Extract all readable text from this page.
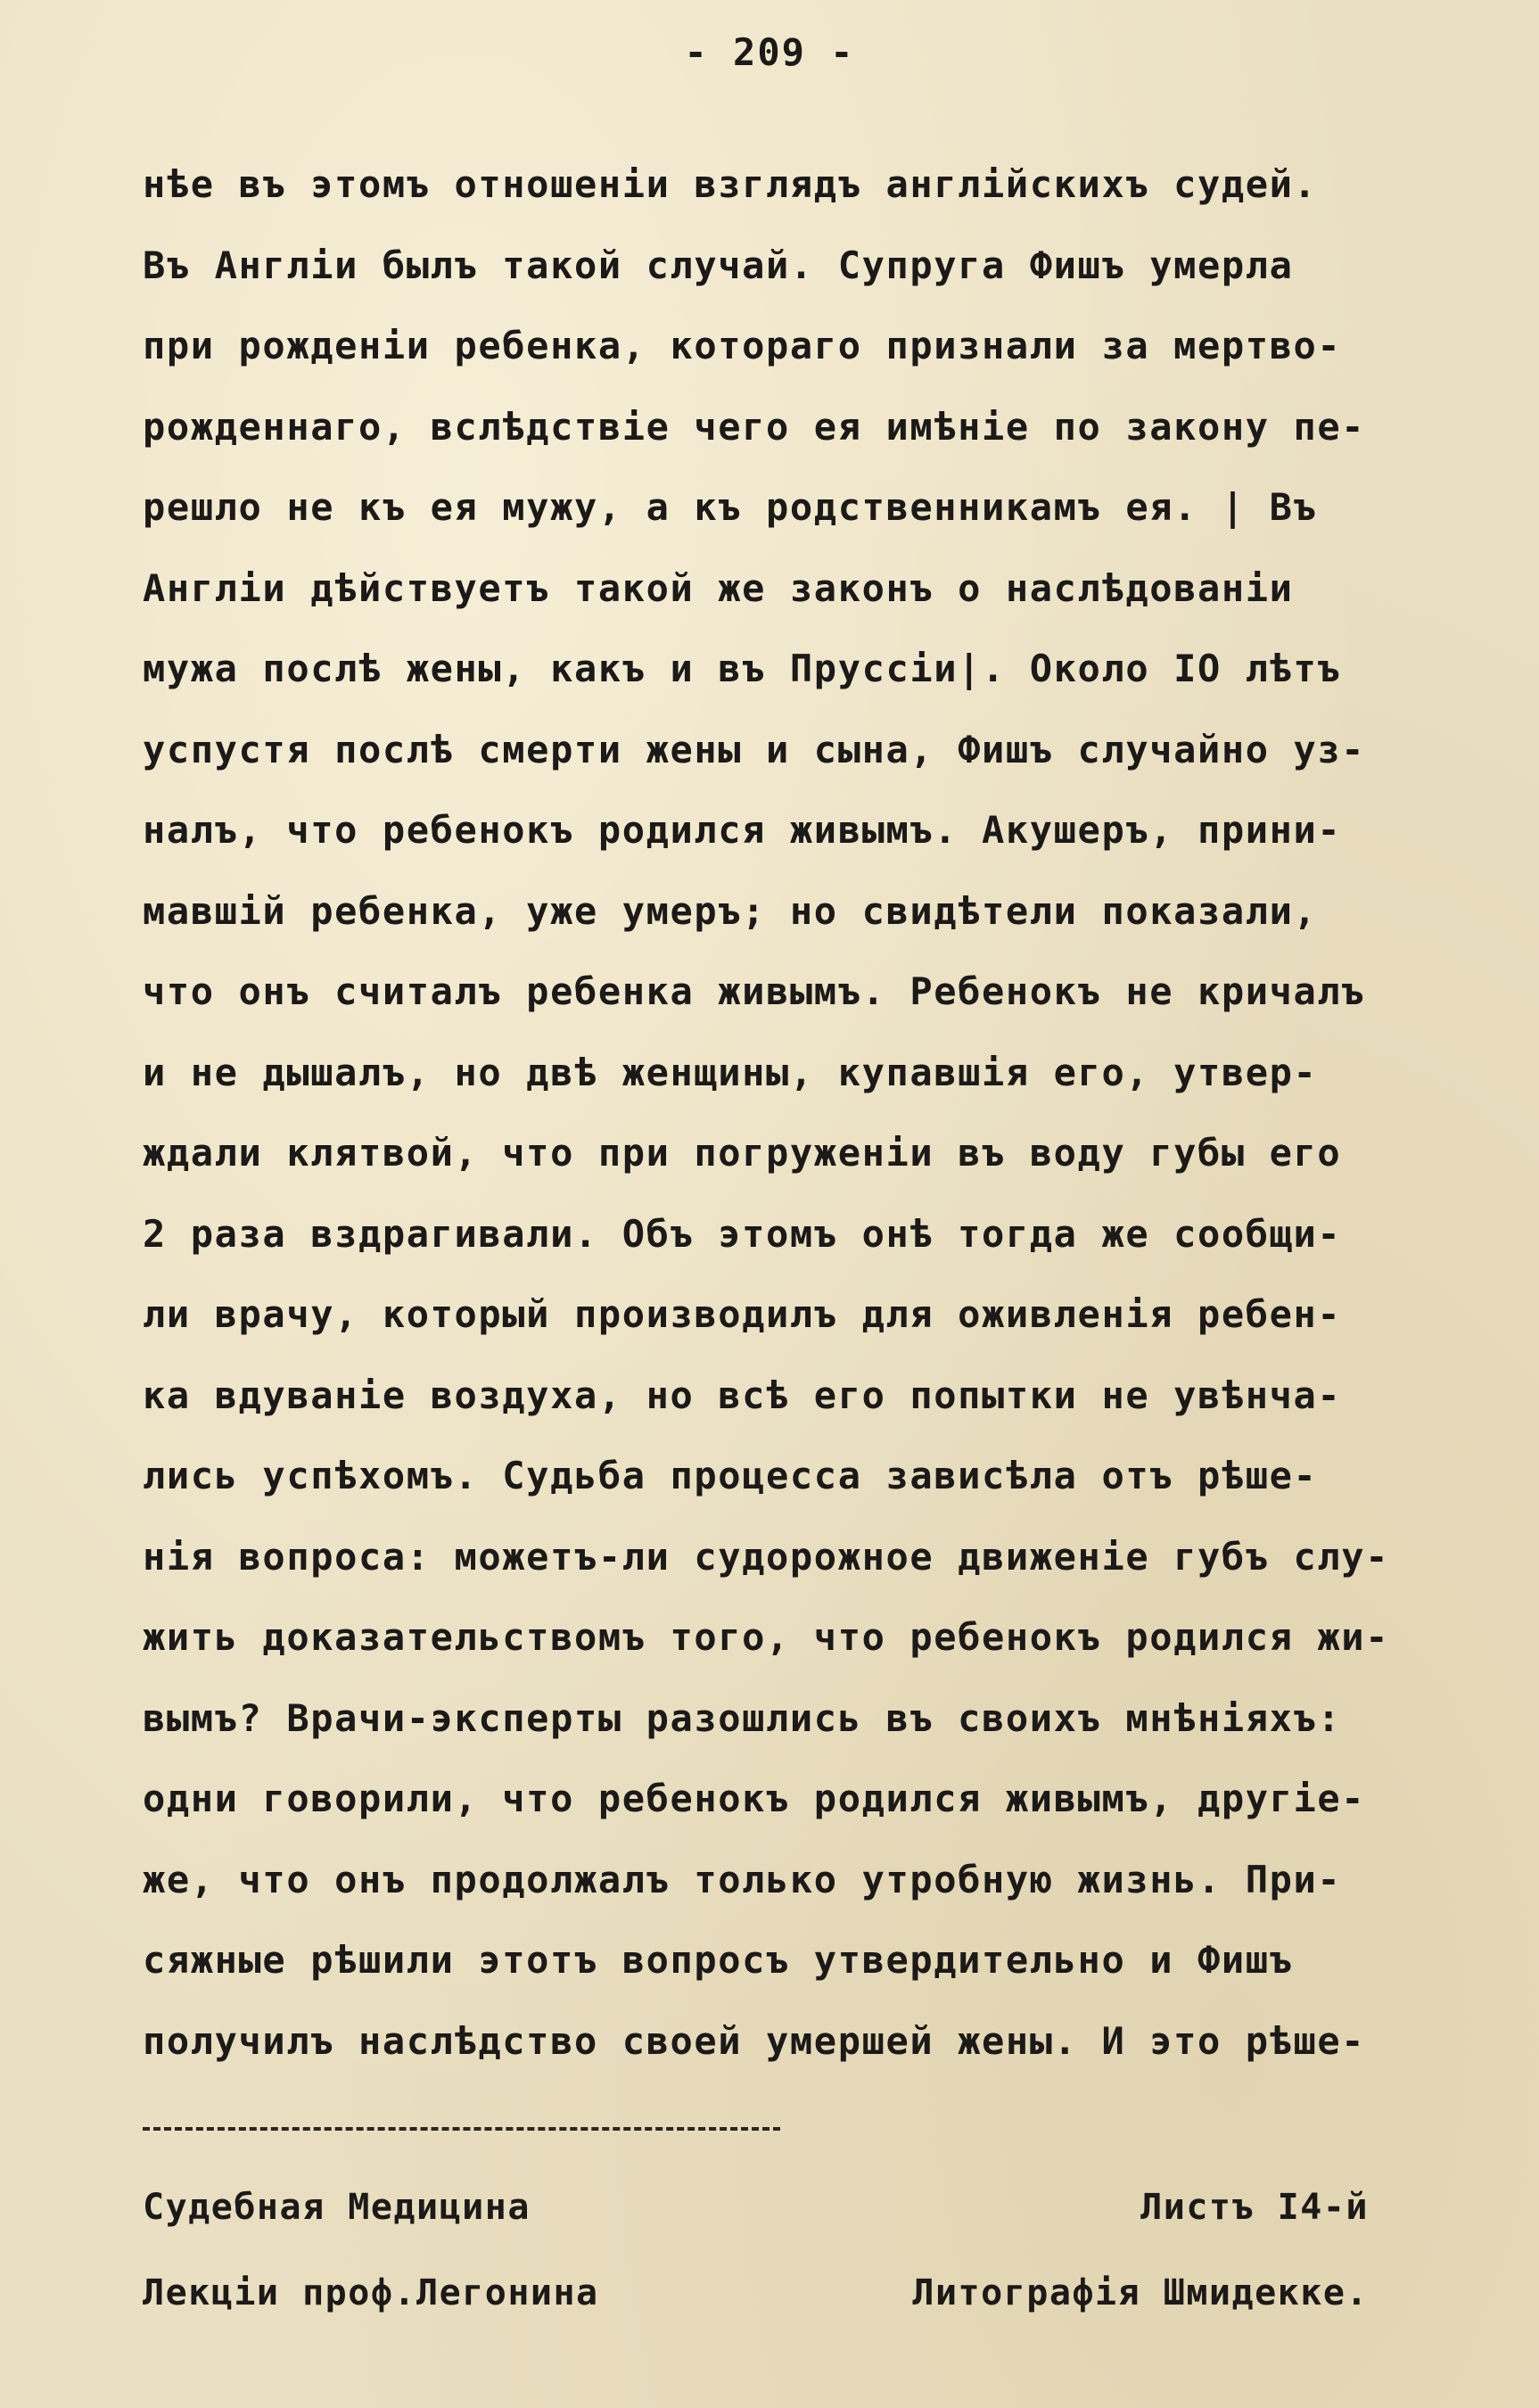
- 209 -
нѣе въ этомъ отношенiи взглядъ англiйскихъ судей.
Въ Англiи былъ такой случай. Супруга Фишъ умерла
при рожденiи ребенка, котораго признали за мертво-
рожденнаго, вслѣдствiе чего ея имѣнiе по закону пе-
решло не къ ея мужу, а къ родственникамъ ея. | Въ
Англiи дѣйствуетъ такой же законъ о наслѣдованiи
мужа послѣ жены, какъ и въ Пруссiи|. Около IO лѣтъ
успустя послѣ смерти жены и сына, Фишъ случайно уз-
налъ, что ребенокъ родился живымъ. Акушеръ, прини-
мавшiй ребенка, уже умеръ; но свидѣтели показали,
что онъ считалъ ребенка живымъ. Ребенокъ не кричалъ
и не дышалъ, но двѣ женщины, купавшiя его, утвер-
ждали клятвой, что при погруженiи въ воду губы его
2 раза вздрагивали. Объ этомъ онѣ тогда же сообщи-
ли врачу, который производилъ для оживленiя ребен-
ка вдуванiе воздуха, но всѣ его попытки не увѣнча-
лись успѣхомъ. Судьба процесса зависѣла отъ рѣше-
нiя вопроса: можетъ-ли судорожное движенiе губъ слу-
жить доказательствомъ того, что ребенокъ родился жи-
вымъ? Врачи-эксперты разошлись въ своихъ мнѣнiяхъ:
одни говорили, что ребенокъ родился живымъ, другiе-
же, что онъ продолжалъ только утробную жизнь. При-
сяжные рѣшили этотъ вопросъ утвердительно и Фишъ
получилъ наслѣдство своей умершей жены. И это рѣше-
Судебная Медицина	Листъ I4-й
Лекцiи проф.Легонина	Литографiя Шмидекке.
